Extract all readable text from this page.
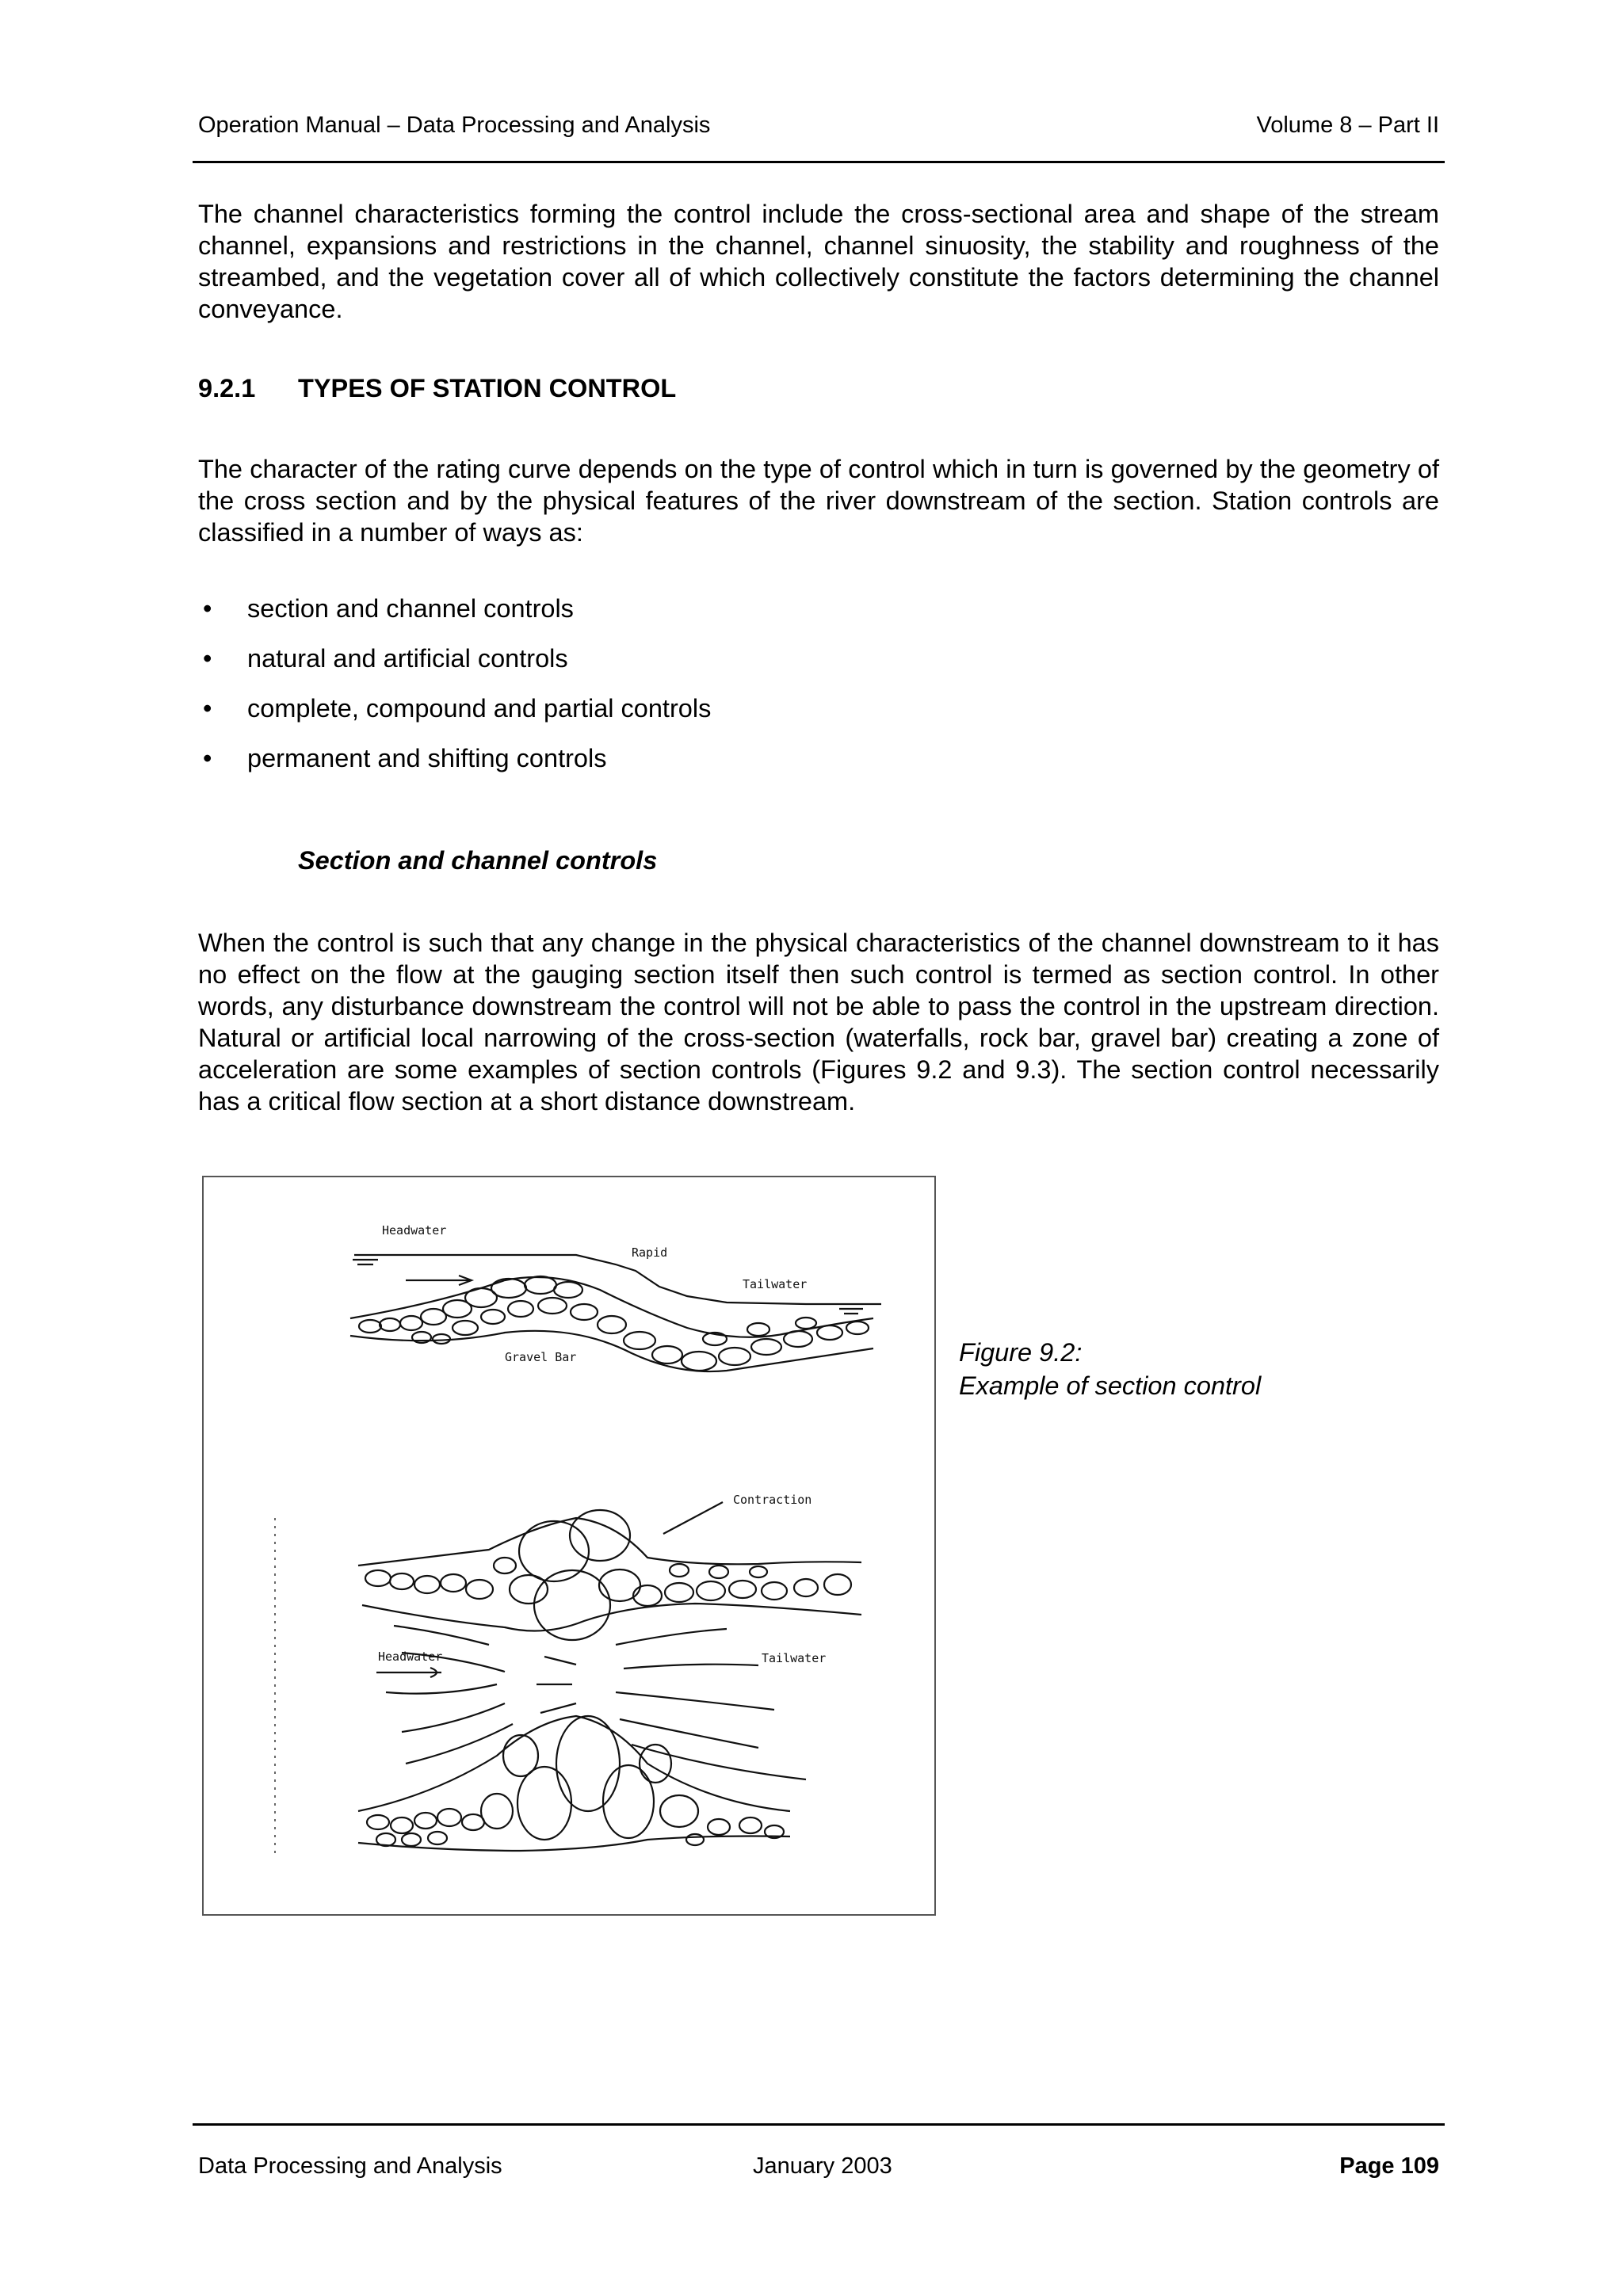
Operation Manual – Data Processing and Analysis	Volume 8 – Part II
The channel characteristics forming the control include the cross-sectional area and shape of the stream channel, expansions and restrictions in the channel, channel sinuosity, the stability and roughness of the streambed, and the vegetation cover all of which collectively constitute the factors determining the channel conveyance.
9.2.1 TYPES OF STATION CONTROL
The character of the rating curve depends on the type of control which in turn is governed by the geometry of the cross section and by the physical features of the river downstream of the section. Station controls are classified in a number of ways as:
• section and channel controls
• natural and artificial controls
• complete, compound and partial controls
• permanent and shifting controls
Section and channel controls
When the control is such that any change in the physical characteristics of the channel downstream to it has no effect on the flow at the gauging section itself then such control is termed as section control. In other words, any disturbance downstream the control will not be able to pass the control in the upstream direction. Natural or artificial local narrowing of the cross-section (waterfalls, rock bar, gravel bar) creating a zone of acceleration are some examples of section controls (Figures 9.2 and 9.3). The section control necessarily has a critical flow section at a short distance downstream.
Headwater
Rapid
Tailwater
Gravel Bar
Contraction
Headwater	Tailwater
Figure 9.2:
Example of section control
Data Processing and Analysis	January 2003	Page 109
